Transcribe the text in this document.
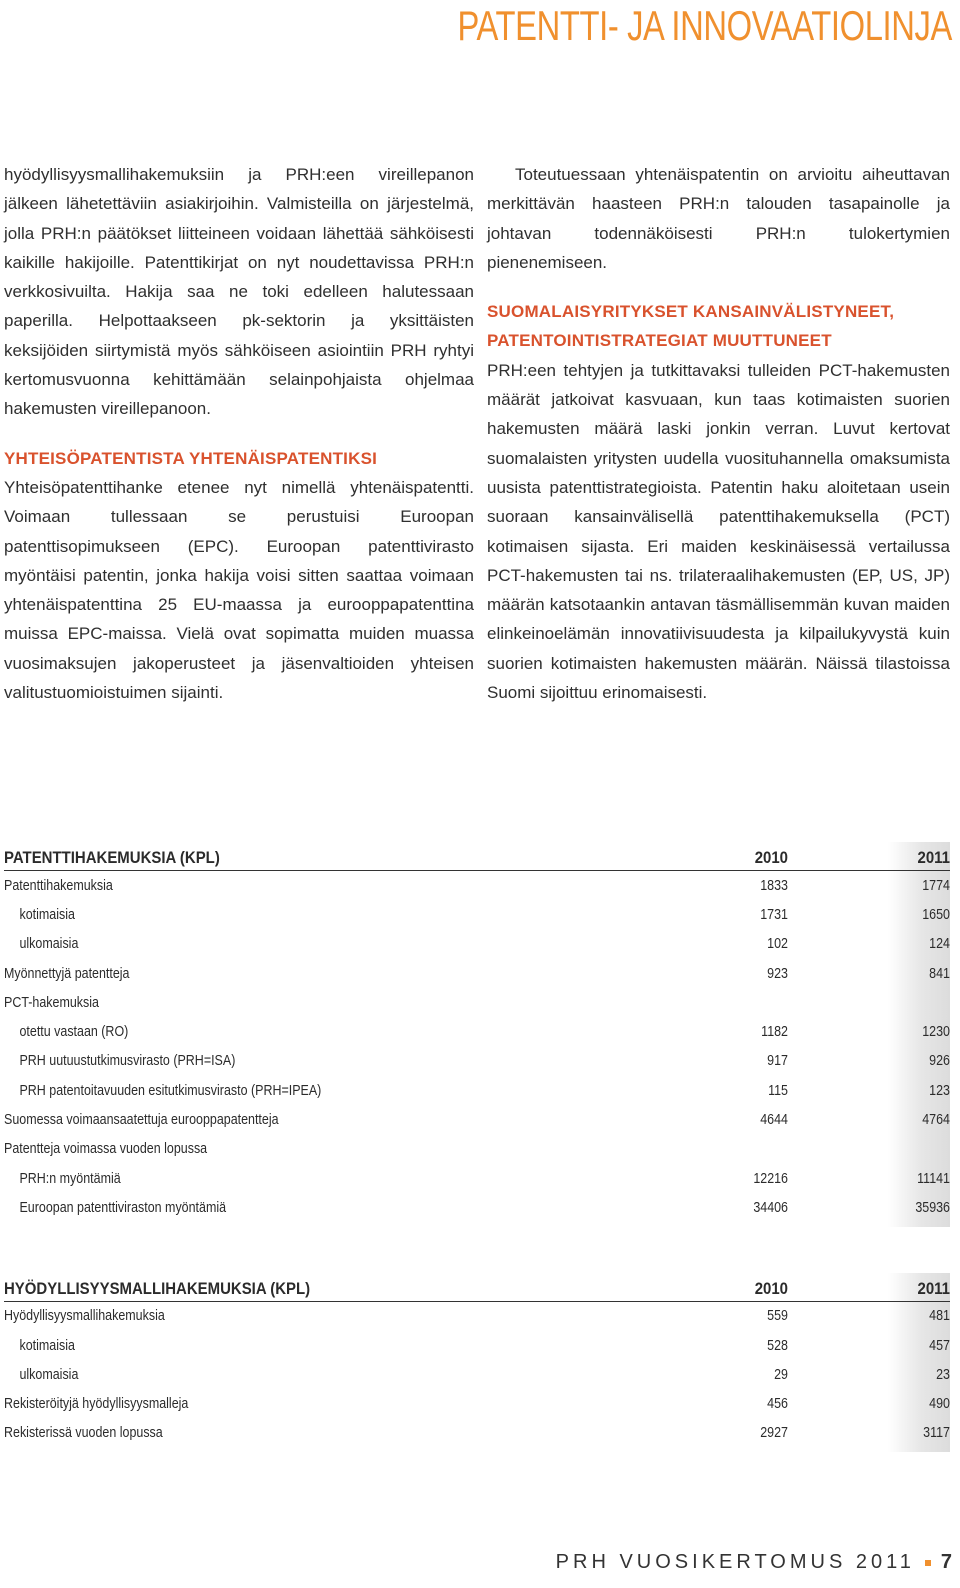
PATENTTI- JA INNOVAATIOLINJA

hyödyllisyysmallihakemuksiin ja PRH:een vireillepanon jälkeen lähetettäviin asiakirjoihin. Valmisteilla on järjestelmä, jolla PRH:n päätökset liitteineen voidaan lähettää sähköisesti kaikille hakijoille. Patenttikirjat on nyt noudettavissa PRH:n verkkosivuilta. Hakija saa ne toki edelleen halutessaan paperilla. Helpottaakseen pk-sektorin ja yksittäisten keksijöiden siirtymistä myös sähköiseen asiointiin PRH ryhtyi kertomusvuonna kehittämään selainpohjaista ohjelmaa hakemusten vireillepanoon.

YHTEISÖPATENTISTA YHTENÄISPATENTIKSI

Yhteisöpatenttihanke etenee nyt nimellä yhtenäispatentti. Voimaan tullessaan se perustuisi Euroopan patenttisopimukseen (EPC). Euroopan patenttivirasto myöntäisi patentin, jonka hakija voisi sitten saattaa voimaan yhtenäispatenttina 25 EU-maassa ja eurooppapatenttina muissa EPC-maissa. Vielä ovat sopimatta muiden muassa vuosimaksujen jakoperusteet ja jäsenvaltioiden yhteisen valitustuomioistuimen sijainti.

Toteutuessaan yhtenäispatentin on arvioitu aiheuttavan merkittävän haasteen PRH:n talouden tasapainolle ja johtavan todennäköisesti PRH:n tulokertymien pienenemiseen.

SUOMALAISYRITYKSET KANSAINVÄLISTYNEET,
PATENTOINTISTRATEGIAT MUUTTUNEET

PRH:een tehtyjen ja tutkittavaksi tulleiden PCT-hakemusten määrät jatkoivat kasvuaan, kun taas kotimaisten suorien hakemusten määrä laski jonkin verran. Luvut kertovat suomalaisten yritysten uudella vuosituhannella omaksumista uusista patenttistrategioista. Patentin haku aloitetaan usein suoraan kansainvälisellä patenttihakemuksella (PCT) kotimaisen sijasta. Eri maiden keskinäisessä vertailussa PCT-hakemusten tai ns. trilateraalihakemusten (EP, US, JP) määrän katsotaankin antavan täsmällisemmän kuvan maiden elinkeinoelämän innovatiivisuudesta ja kilpailukyvystä kuin suorien kotimaisten hakemusten määrän. Näissä tilastoissa Suomi sijoittuu erinomaisesti.

PATENTTIHAKEMUKSIA (KPL)	2010	2011
Patenttihakemuksia	1833	1774
kotimaisia	1731	1650
ulkomaisia	102	124
Myönnettyjä patentteja	923	841
PCT-hakemuksia
otettu vastaan (RO)	1182	1230
PRH uutuustutkimusvirasto (PRH=ISA)	917	926
PRH patentoitavuuden esitutkimusvirasto (PRH=IPEA)	115	123
Suomessa voimaansaatettuja eurooppapatentteja	4644	4764
Patentteja voimassa vuoden lopussa
PRH:n myöntämiä	12216	11141
Euroopan patenttiviraston myöntämiä	34406	35936
HYÖDYLLISYYSMALLIHAKEMUKSIA (KPL)	2010	2011
Hyödyllisyysmallihakemuksia	559	481
kotimaisia	528	457
ulkomaisia	29	23
Rekisteröityjä hyödyllisyysmalleja	456	490
Rekisterissä vuoden lopussa	2927	3117
PRH VUOSIKERTOMUS 2011 7
